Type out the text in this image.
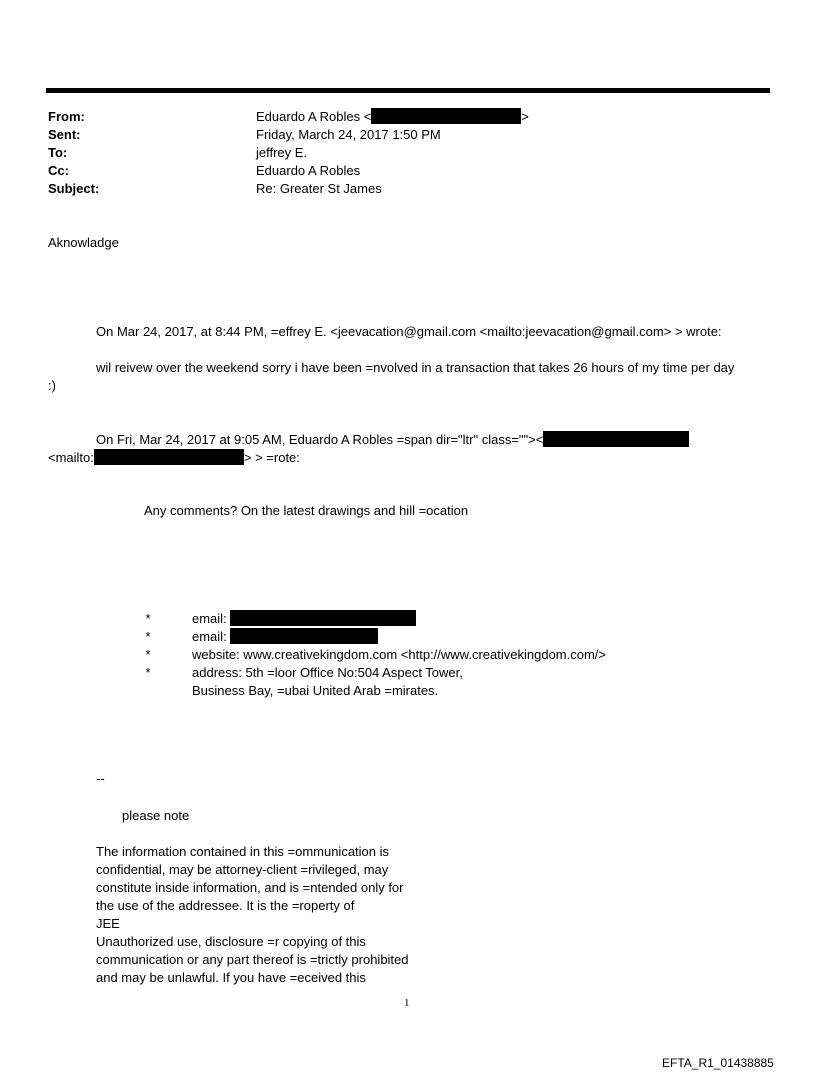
From:	Eduardo A Robles <	>
Sent:	Friday, March 24, 2017 1:50 PM
To:	jeffrey E.
Cc:	Eduardo A Robles
Subject:	Re: Greater St James
Aknowladge
On Mar 24, 2017, at 8:44 PM, =effrey E. <jeevacation@gmail.com <mailto:jeevacation@gmail.com> > wrote:
wil reivew over the weekend sorry i have been =nvolved in a transaction that takes 26 hours of my time per day
:)
On Fri, Mar 24, 2017 at 9:05 AM, Eduardo A Robles =span dir="ltr" class=""><
<mailto:	> > =rote:
Any comments? On the latest drawings and hill =ocation
*	email:
*	email:
*	website: www.creativekingdom.com <http://www.creativekingdom.com/>
*	address: 5th =loor Office No:504 Aspect Tower,
Business Bay, =ubai United Arab =mirates.
--
please note
The information contained in this =ommunication is
confidential, may be attorney-client =rivileged, may
constitute inside information, and is =ntended only for
the use of the addressee. It is the =roperty of
JEE
Unauthorized use, disclosure =r copying of this
communication or any part thereof is =trictly prohibited
and may be unlawful. If you have =eceived this
1
EFTA_R1_01438885
